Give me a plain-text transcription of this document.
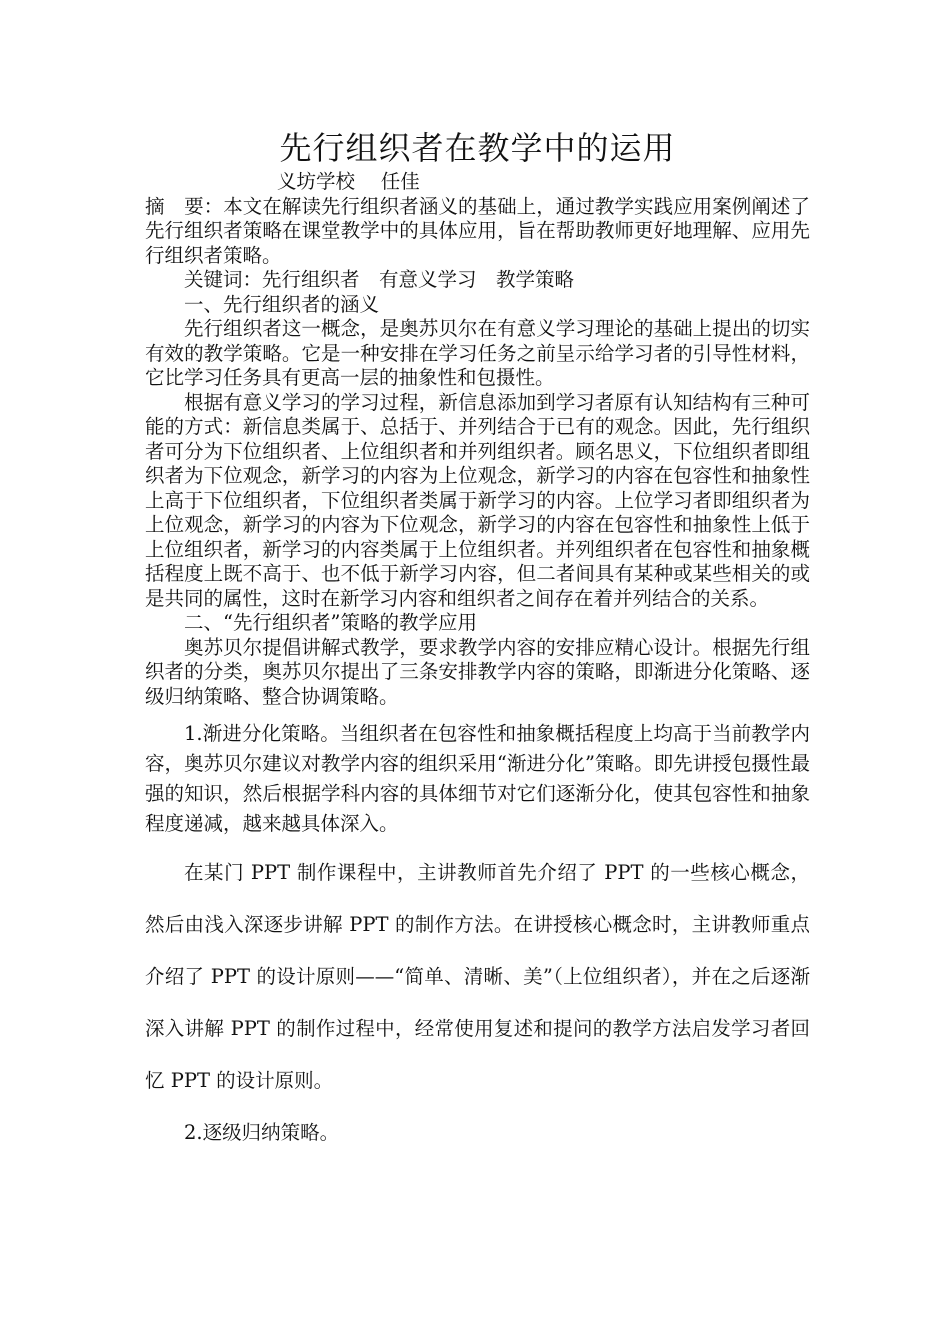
先行组织者在教学中的运用

义坊学校　 任佳

摘　要：本文在解读先行组织者涵义的基础上，通过教学实践应用案例阐述了先行组织者策略在课堂教学中的具体应用，旨在帮助教师更好地理解、应用先行组织者策略。

关键词：先行组织者　有意义学习　教学策略

一、先行组织者的涵义

先行组织者这一概念，是奥苏贝尔在有意义学习理论的基础上提出的切实有效的教学策略。它是一种安排在学习任务之前呈示给学习者的引导性材料，它比学习任务具有更高一层的抽象性和包摄性。

根据有意义学习的学习过程，新信息添加到学习者原有认知结构有三种可能的方式：新信息类属于、总括于、并列结合于已有的观念。因此，先行组织者可分为下位组织者、上位组织者和并列组织者。顾名思义，下位组织者即组织者为下位观念，新学习的内容为上位观念，新学习的内容在包容性和抽象性上高于下位组织者，下位组织者类属于新学习的内容。上位学习者即组织者为上位观念，新学习的内容为下位观念，新学习的内容在包容性和抽象性上低于上位组织者，新学习的内容类属于上位组织者。并列组织者在包容性和抽象概括程度上既不高于、也不低于新学习内容，但二者间具有某种或某些相关的或是共同的属性，这时在新学习内容和组织者之间存在着并列结合的关系。

二、“先行组织者”策略的教学应用

奥苏贝尔提倡讲解式教学，要求教学内容的安排应精心设计。根据先行组织者的分类，奥苏贝尔提出了三条安排教学内容的策略，即渐进分化策略、逐级归纳策略、整合协调策略。

1.渐进分化策略。当组织者在包容性和抽象概括程度上均高于当前教学内容，奥苏贝尔建议对教学内容的组织采用“渐进分化”策略。即先讲授包摄性最强的知识，然后根据学科内容的具体细节对它们逐渐分化，使其包容性和抽象程度递减，越来越具体深入。

在某门 PPT 制作课程中，主讲教师首先介绍了 PPT 的一些核心概念，然后由浅入深逐步讲解 PPT 的制作方法。在讲授核心概念时，主讲教师重点介绍了 PPT 的设计原则——“简单、清晰、美”（上位组织者），并在之后逐渐深入讲解 PPT 的制作过程中，经常使用复述和提问的教学方法启发学习者回忆 PPT 的设计原则。

2.逐级归纳策略。
